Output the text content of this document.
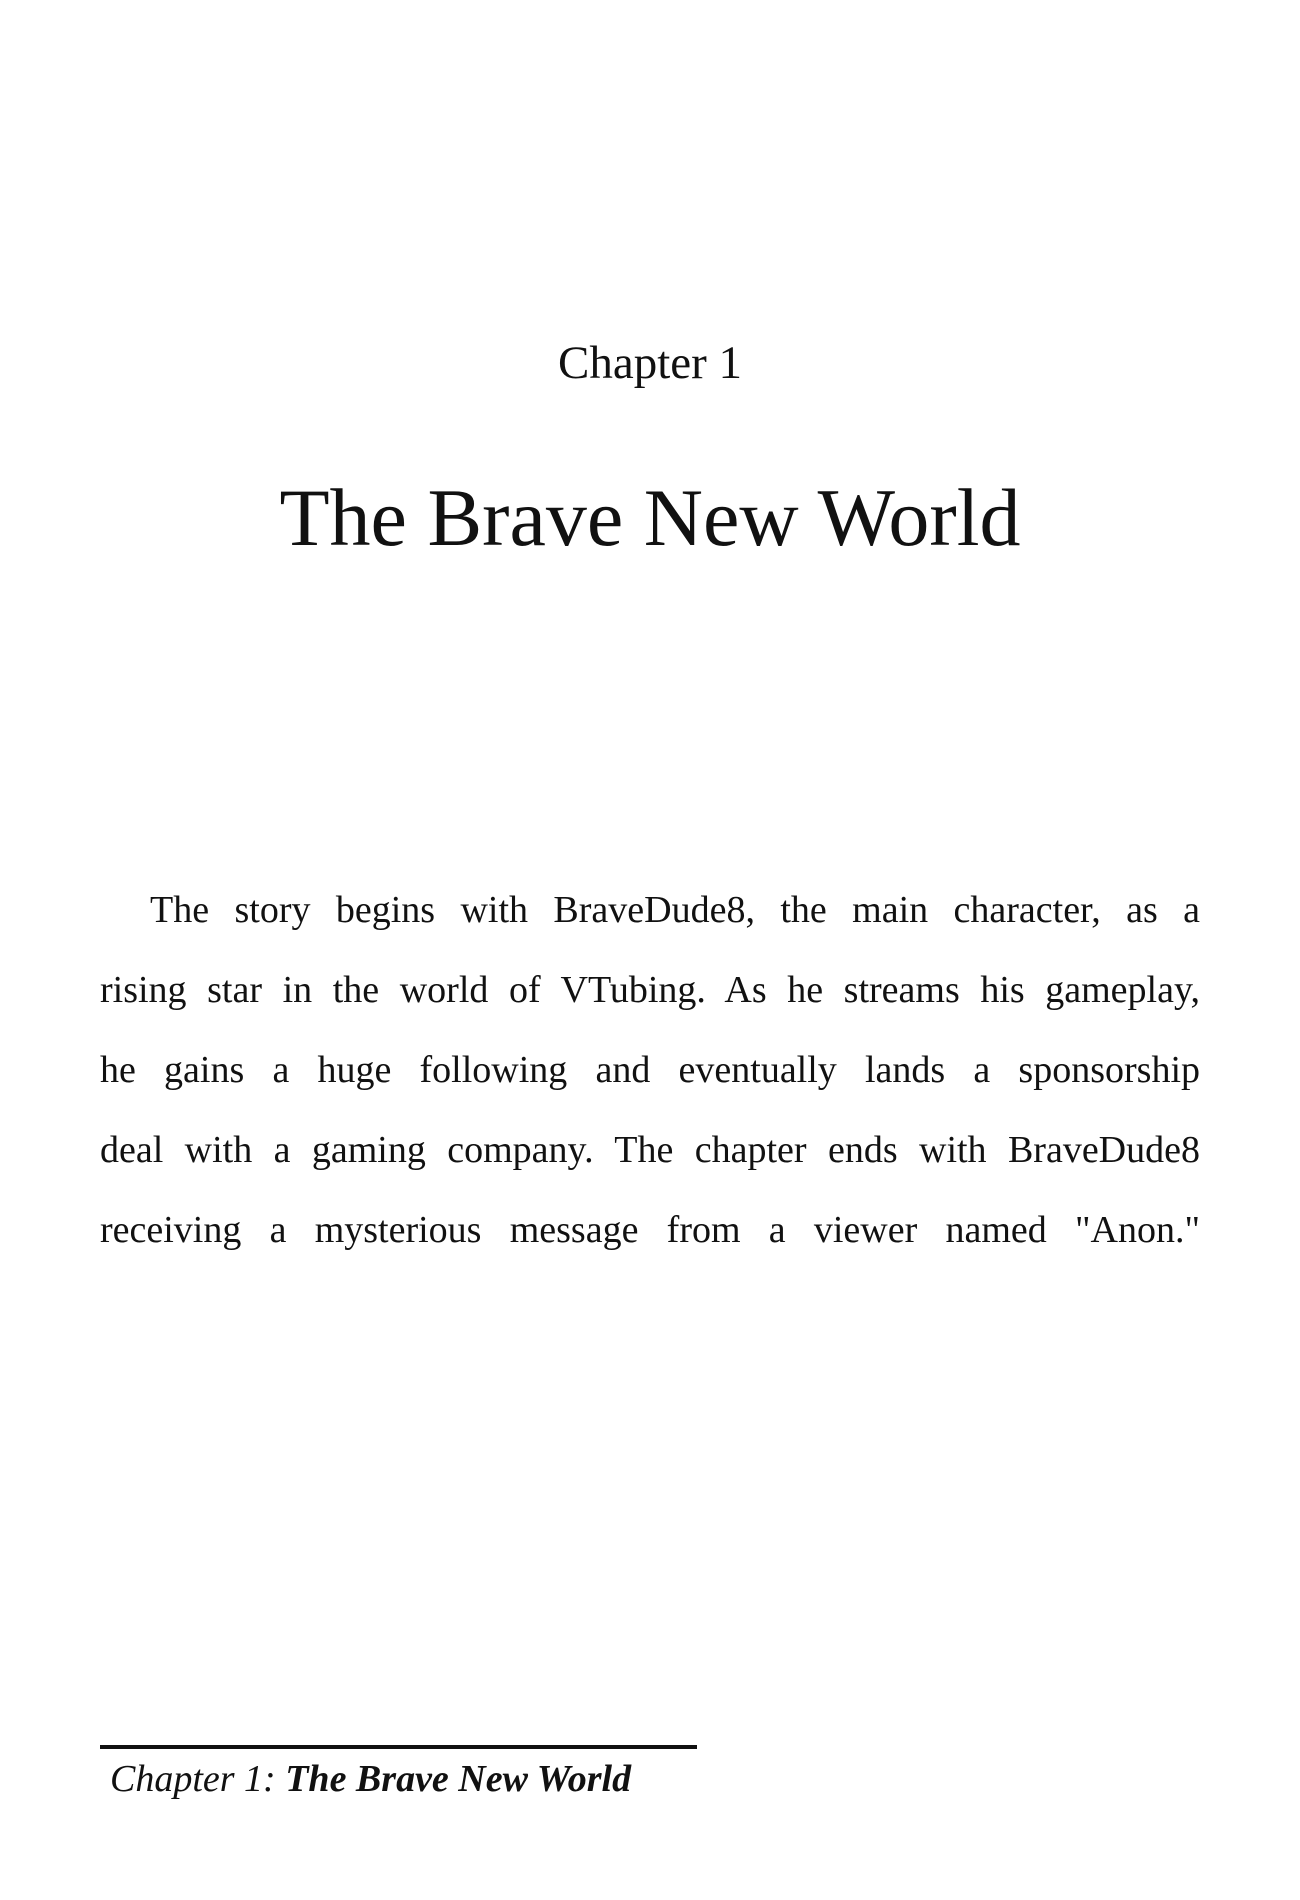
Chapter 1
The Brave New World

The story begins with BraveDude8, the main character, as a
rising star in the world of VTubing. As he streams his gameplay,
he gains a huge following and eventually lands a sponsorship
deal with a gaming company. The chapter ends with BraveDude8
receiving a mysterious message from a viewer named "Anon."

Chapter 1: The Brave New World
